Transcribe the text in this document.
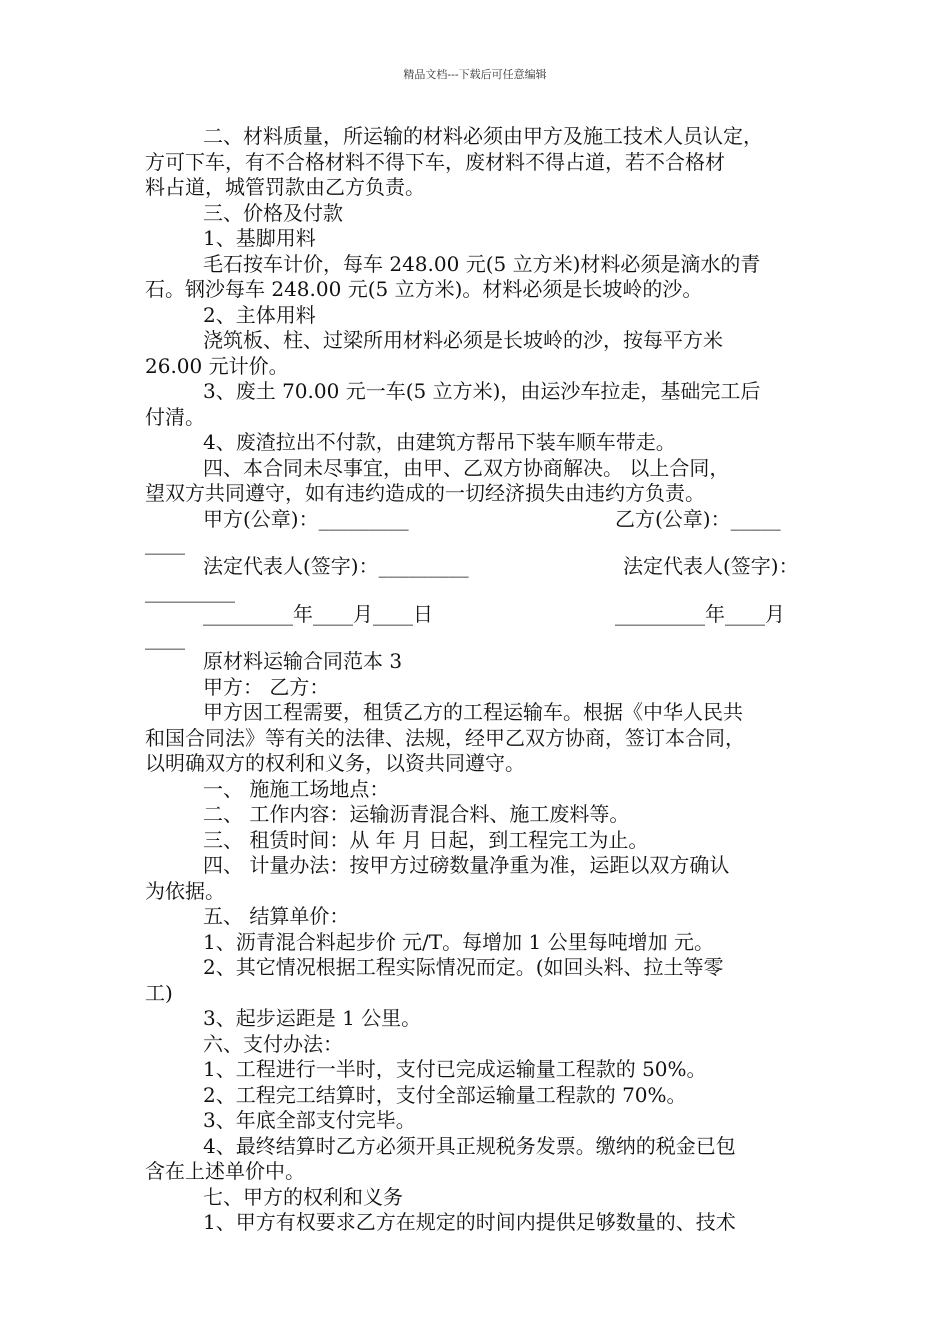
精品文档---下载后可任意编辑
二、材料质量，所运输的材料必须由甲方及施工技术人员认定，
方可下车，有不合格材料不得下车，废材料不得占道，若不合格材
料占道，城管罚款由乙方负责。
三、价格及付款
1、基脚用料
毛石按车计价，每车 248.00 元(5 立方米)材料必须是滴水的青
石。钢沙每车 248.00 元(5 立方米)。材料必须是长坡岭的沙。
2、主体用料
浇筑板、柱、过梁所用材料必须是长坡岭的沙，按每平方米
26.00 元计价。
3、废土 70.00 元一车(5 立方米)，由运沙车拉走，基础完工后
付清。
4、废渣拉出不付款，由建筑方帮吊下装车顺车带走。
四、本合同未尽事宜，由甲、乙双方协商解决。 以上合同，
望双方共同遵守，如有违约造成的一切经济损失由违约方负责。
甲方(公章)：_________	乙方(公章)：_____
____
法定代表人(签字)：_________	法定代表人(签字)：
_________
_________年____月____日	_________年____月
____
原材料运输合同范本 3
甲方： 乙方：
甲方因工程需要，租赁乙方的工程运输车。根据《中华人民共
和国合同法》等有关的法律、法规，经甲乙双方协商，签订本合同，
以明确双方的权利和义务，以资共同遵守。
一、 施施工场地点：
二、 工作内容：运输沥青混合料、施工废料等。
三、 租赁时间：从 年 月 日起，到工程完工为止。
四、 计量办法：按甲方过磅数量净重为准，运距以双方确认
为依据。
五、 结算单价：
1、沥青混合料起步价 元/T。每增加 1 公里每吨增加 元。
2、其它情况根据工程实际情况而定。(如回头料、拉土等零
工)
3、起步运距是 1 公里。
六、支付办法：
1、工程进行一半时，支付已完成运输量工程款的 50%。
2、工程完工结算时，支付全部运输量工程款的 70%。
3、年底全部支付完毕。
4、最终结算时乙方必须开具正规税务发票。缴纳的税金已包
含在上述单价中。
七、甲方的权利和义务
1、甲方有权要求乙方在规定的时间内提供足够数量的、技术
